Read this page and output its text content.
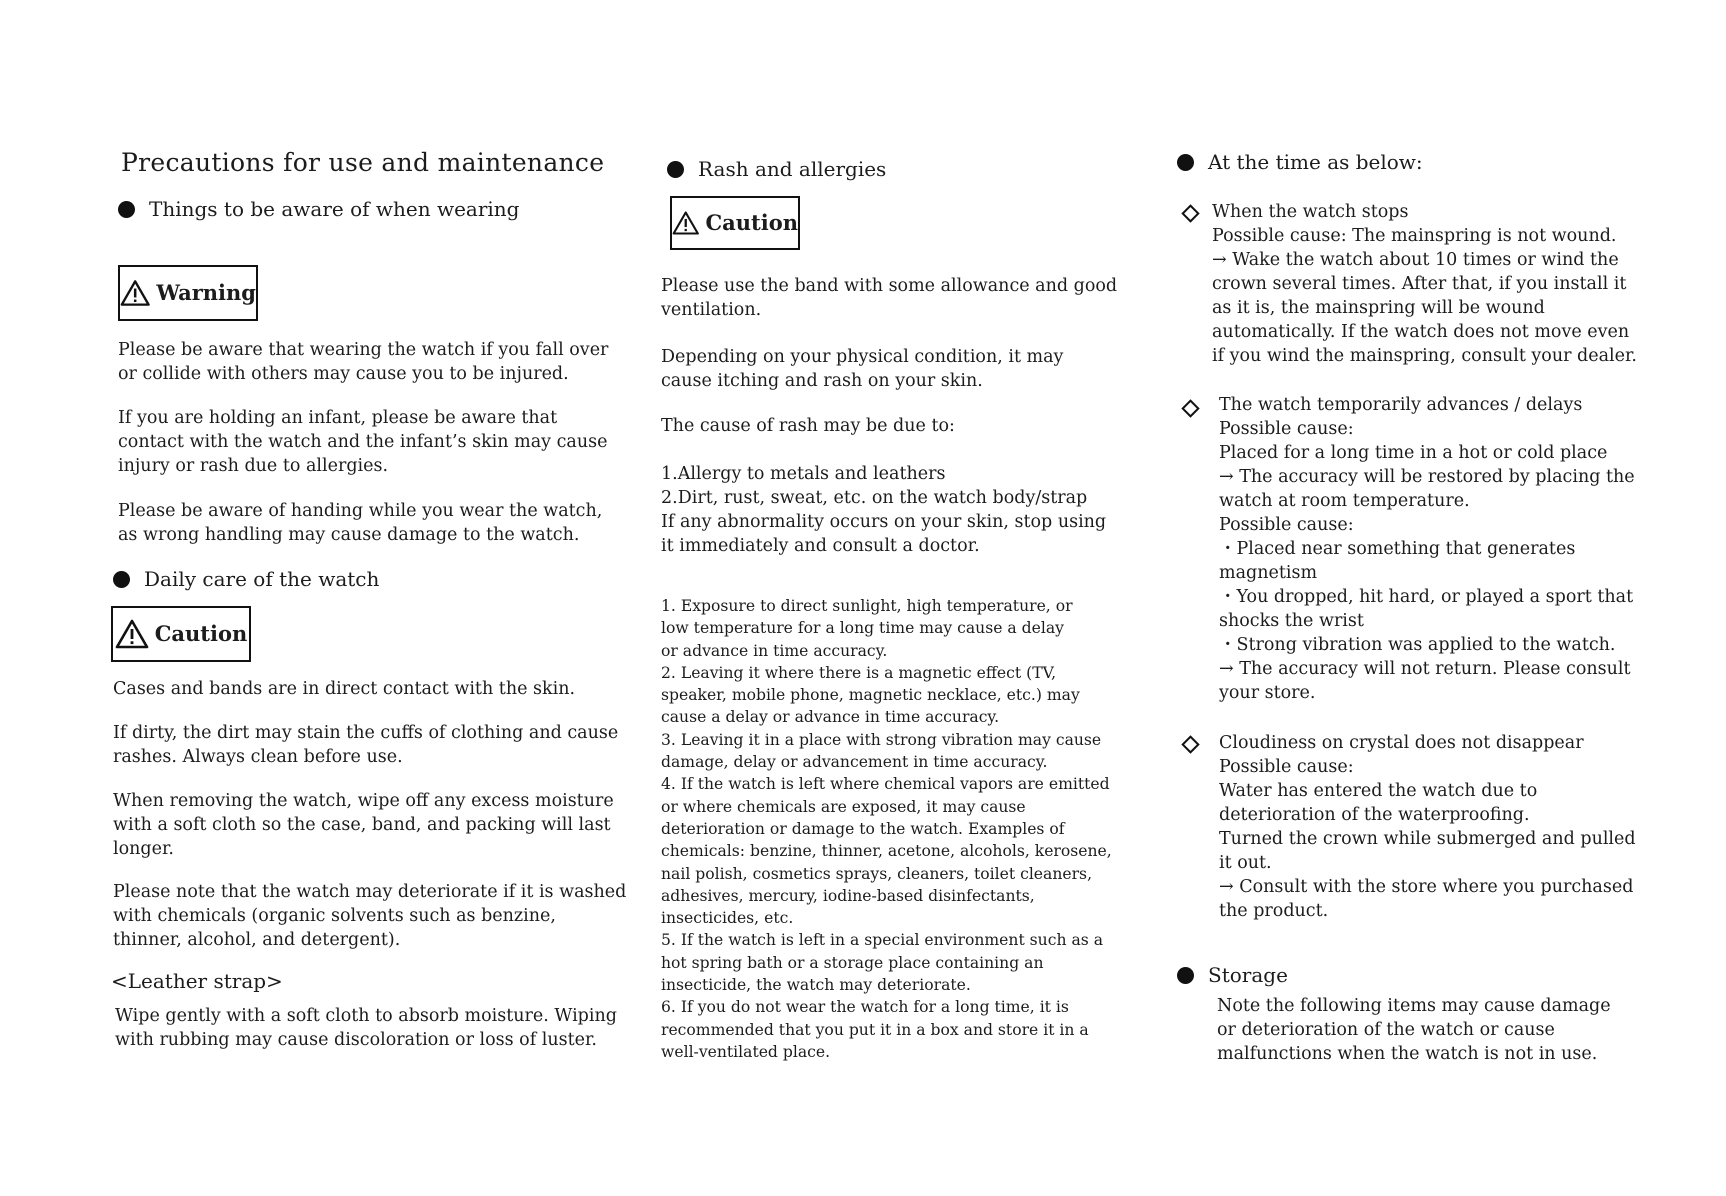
Precautions for use and maintenance
Things to be aware of when wearing
Warning
Please be aware that wearing the watch if you fall over
or collide with others may cause you to be injured.
If you are holding an infant, please be aware that
contact with the watch and the infant’s skin may cause
injury or rash due to allergies.
Please be aware of handing while you wear the watch,
as wrong handling may cause damage to the watch.
Daily care of the watch
Caution
Cases and bands are in direct contact with the skin.
If dirty, the dirt may stain the cuffs of clothing and cause
rashes. Always clean before use.
When removing the watch, wipe off any excess moisture
with a soft cloth so the case, band, and packing will last
longer.
Please note that the watch may deteriorate if it is washed
with chemicals (organic solvents such as benzine,
thinner, alcohol, and detergent).
<Leather strap>
Wipe gently with a soft cloth to absorb moisture. Wiping
with rubbing may cause discoloration or loss of luster.
Rash and allergies
Caution
Please use the band with some allowance and good
ventilation.
Depending on your physical condition, it may
cause itching and rash on your skin.
The cause of rash may be due to:
1.Allergy to metals and leathers
2.Dirt, rust, sweat, etc. on the watch body/strap
If any abnormality occurs on your skin, stop using
it immediately and consult a doctor.
1. Exposure to direct sunlight, high temperature, or
low temperature for a long time may cause a delay
or advance in time accuracy.
2. Leaving it where there is a magnetic effect (TV,
speaker, mobile phone, magnetic necklace, etc.) may
cause a delay or advance in time accuracy.
3. Leaving it in a place with strong vibration may cause
damage, delay or advancement in time accuracy.
4. If the watch is left where chemical vapors are emitted
or where chemicals are exposed, it may cause
deterioration or damage to the watch. Examples of
chemicals: benzine, thinner, acetone, alcohols, kerosene,
nail polish, cosmetics sprays, cleaners, toilet cleaners,
adhesives, mercury, iodine-based disinfectants,
insecticides, etc.
5. If the watch is left in a special environment such as a
hot spring bath or a storage place containing an
insecticide, the watch may deteriorate.
6. If you do not wear the watch for a long time, it is
recommended that you put it in a box and store it in a
well-ventilated place.
At the time as below:
When the watch stops
Possible cause: The mainspring is not wound.
→ Wake the watch about 10 times or wind the
crown several times. After that, if you install it
as it is, the mainspring will be wound
automatically. If the watch does not move even
if you wind the mainspring, consult your dealer.
The watch temporarily advances / delays
Possible cause:
Placed for a long time in a hot or cold place
→ The accuracy will be restored by placing the
watch at room temperature.
Possible cause:
・Placed near something that generates
magnetism
・You dropped, hit hard, or played a sport that
shocks the wrist
・Strong vibration was applied to the watch.
→ The accuracy will not return. Please consult
your store.
Cloudiness on crystal does not disappear
Possible cause:
Water has entered the watch due to
deterioration of the waterproofing.
Turned the crown while submerged and pulled
it out.
→ Consult with the store where you purchased
the product.
Storage
Note the following items may cause damage
or deterioration of the watch or cause
malfunctions when the watch is not in use.
